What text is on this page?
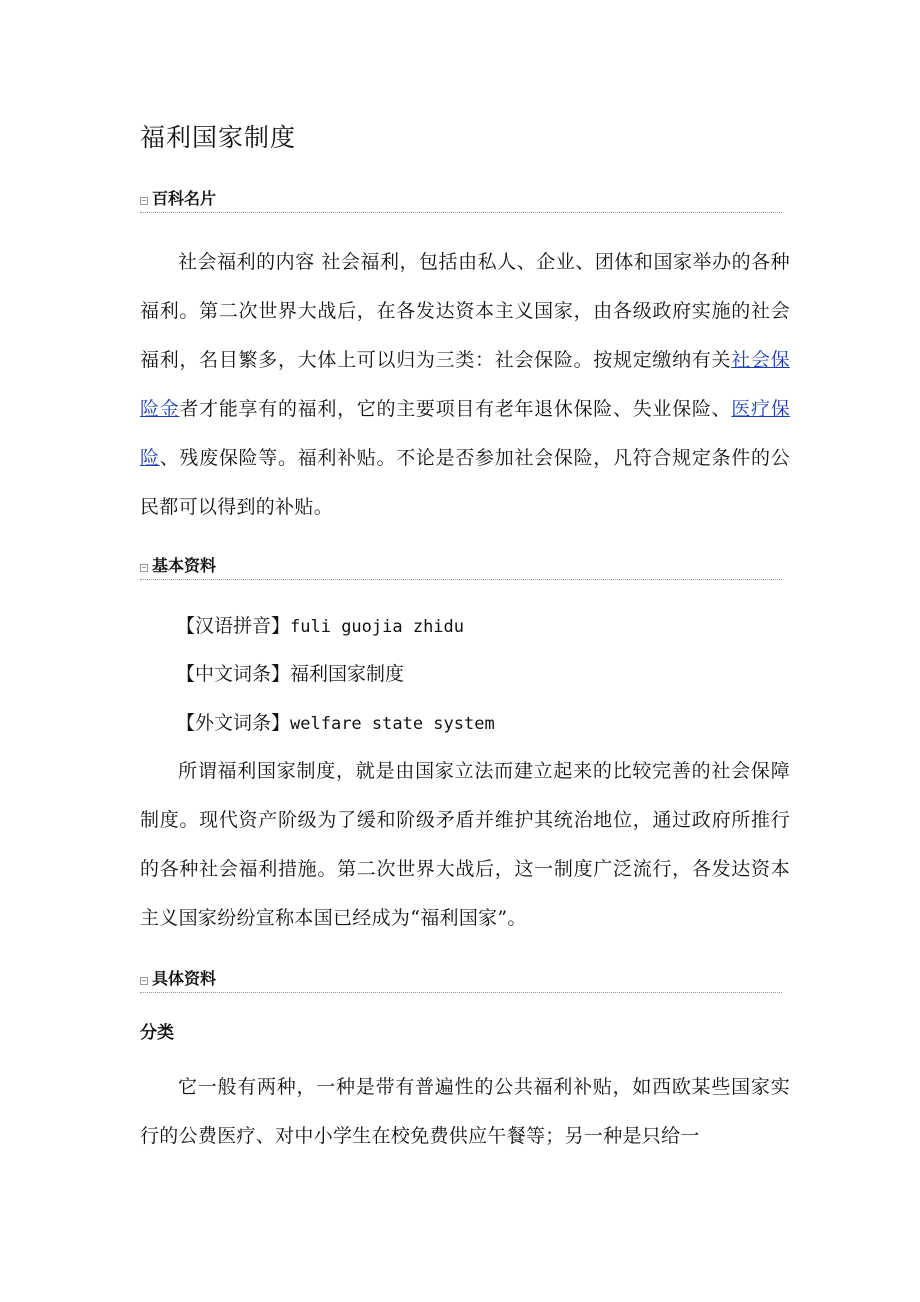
福利国家制度
百科名片

社会福利的内容 社会福利，包括由私人、企业、团体和国家举办的各种福利。第二次世界大战后，在各发达资本主义国家，由各级政府实施的社会福利，名目繁多，大体上可以归为三类：社会保险。按规定缴纳有关社会保险金者才能享有的福利，它的主要项目有老年退休保险、失业保险、医疗保险、残废保险等。福利补贴。不论是否参加社会保险，凡符合规定条件的公民都可以得到的补贴。

基本资料

【汉语拼音】fuli guojia zhidu

【中文词条】福利国家制度

【外文词条】welfare state system

所谓福利国家制度，就是由国家立法而建立起来的比较完善的社会保障制度。现代资产阶级为了缓和阶级矛盾并维护其统治地位，通过政府所推行的各种社会福利措施。第二次世界大战后，这一制度广泛流行，各发达资本主义国家纷纷宣称本国已经成为“福利国家”。

具体资料
分类

它一般有两种，一种是带有普遍性的公共福利补贴，如西欧某些国家实行的公费医疗、对中小学生在校免费供应午餐等；另一种是只给一
